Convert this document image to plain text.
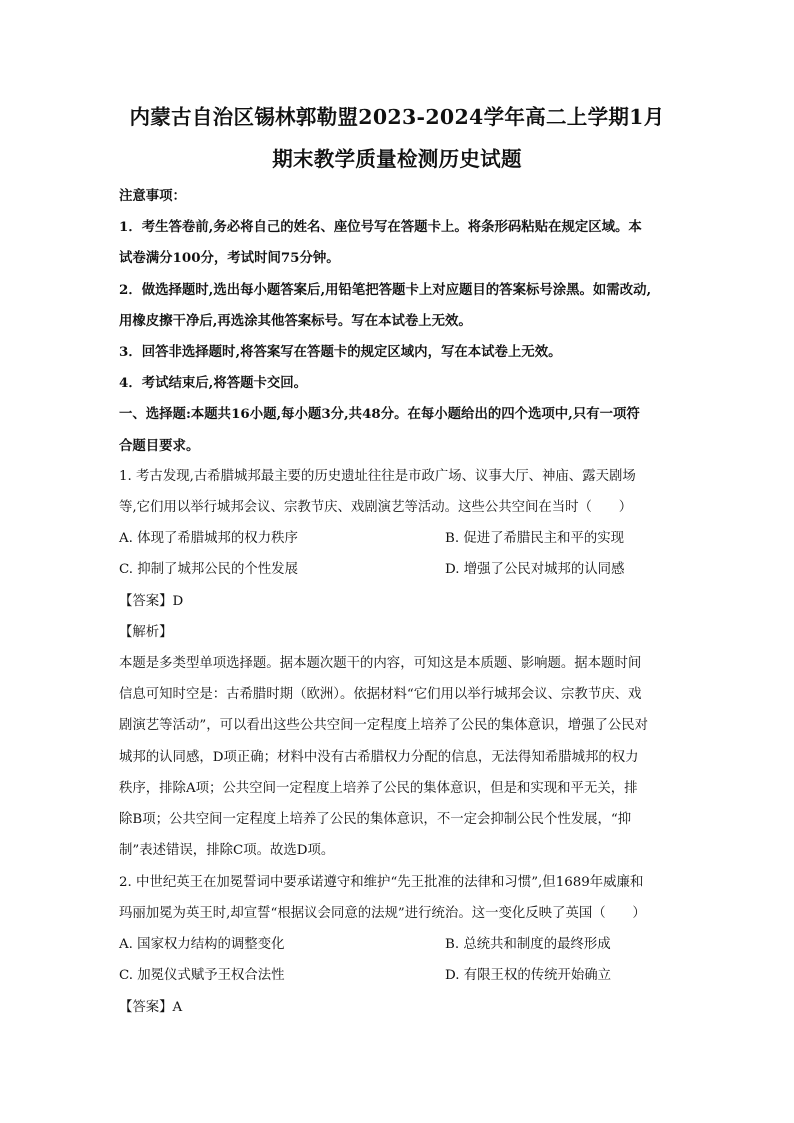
内蒙古自治区锡林郭勒盟2023-2024学年高二上学期1月
期末教学质量检测历史试题
注意事项：
1．考生答卷前,务必将自己的姓名、座位号写在答题卡上。将条形码粘贴在规定区域。本
试卷满分100分，考试时间75分钟。
2．做选择题时,选出每小题答案后,用铅笔把答题卡上对应题目的答案标号涂黑。如需改动,
用橡皮擦干净后,再选涂其他答案标号。写在本试卷上无效。
3．回答非选择题时,将答案写在答题卡的规定区域内，写在本试卷上无效。
4．考试结束后,将答题卡交回。
一、选择题:本题共16小题,每小题3分,共48分。在每小题给出的四个选项中,只有一项符
合题目要求。
1. 考古发现,古希腊城邦最主要的历史遗址往往是市政广场、议事大厅、神庙、露天剧场
等,它们用以举行城邦会议、宗教节庆、戏剧演艺等活动。这些公共空间在当时（　　）
A. 体现了希腊城邦的权力秩序	B. 促进了希腊民主和平的实现
C. 抑制了城邦公民的个性发展	D. 增强了公民对城邦的认同感
【答案】D
【解析】
本题是多类型单项选择题。据本题次题干的内容，可知这是本质题、影响题。据本题时间
信息可知时空是：古希腊时期（欧洲）。依据材料“它们用以举行城邦会议、宗教节庆、戏
剧演艺等活动”，可以看出这些公共空间一定程度上培养了公民的集体意识，增强了公民对
城邦的认同感，D项正确；材料中没有古希腊权力分配的信息，无法得知希腊城邦的权力
秩序，排除A项；公共空间一定程度上培养了公民的集体意识，但是和实现和平无关，排
除B项；公共空间一定程度上培养了公民的集体意识，不一定会抑制公民个性发展，“抑
制”表述错误，排除C项。故选D项。
2. 中世纪英王在加冕誓词中要承诺遵守和维护“先王批准的法律和习惯”,但1689年威廉和
玛丽加冕为英王时,却宣誓“根据议会同意的法规”进行统治。这一变化反映了英国（　　）
A. 国家权力结构的调整变化	B. 总统共和制度的最终形成
C. 加冕仪式赋予王权合法性	D. 有限王权的传统开始确立
【答案】A
